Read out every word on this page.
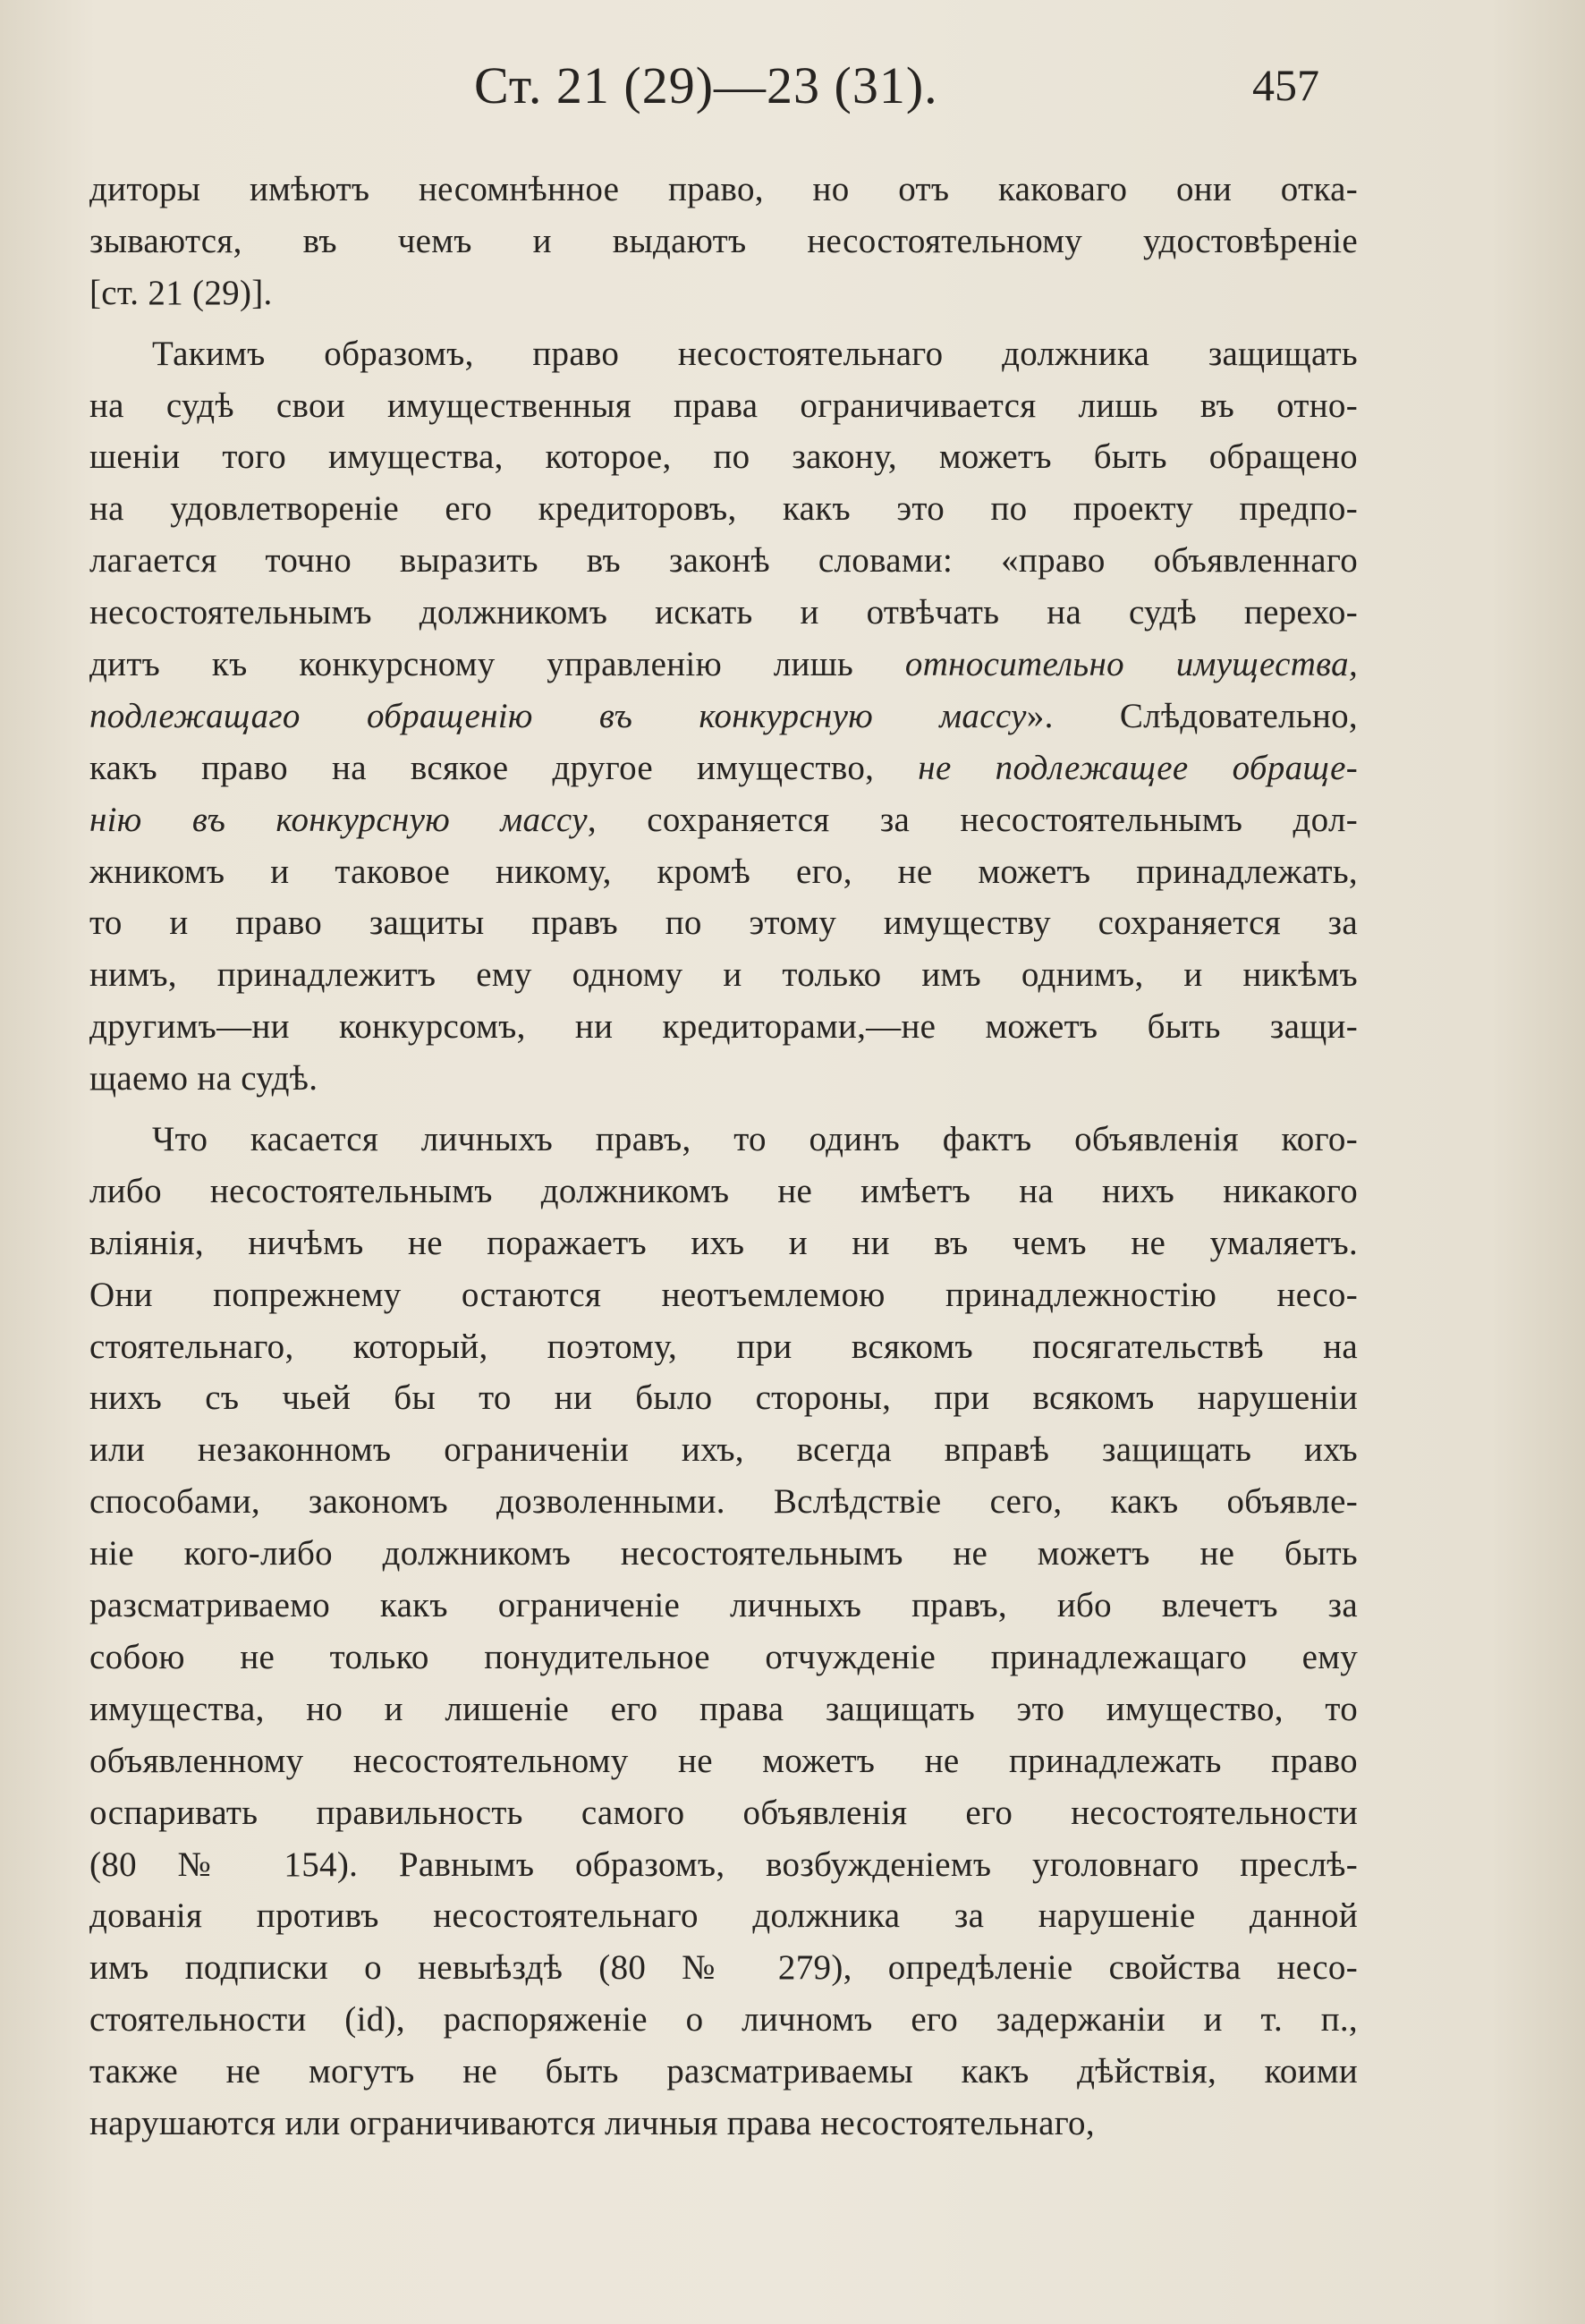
Ст. 21 (29)—23 (31).	457
диторы имѣютъ несомнѣнное право, но отъ каковаго они отка-
зываются, въ чемъ и выдаютъ несостоятельному удостовѣреніе
[ст. 21 (29)].
Такимъ образомъ, право несостоятельнаго должника защищать
на судѣ свои имущественныя права ограничивается лишь въ отно-
шеніи того имущества, которое, по закону, можетъ быть обращено
на удовлетвореніе его кредиторовъ, какъ это по проекту предпо-
лагается точно выразить въ законѣ словами: «право объявленнаго
несостоятельнымъ должникомъ искать и отвѣчать на судѣ перехо-
дитъ къ конкурсному управленію лишь относительно имущества,
подлежащаго обращенію въ конкурсную массу». Слѣдовательно,
какъ право на всякое другое имущество, не подлежащее обраще-
нію въ конкурсную массу, сохраняется за несостоятельнымъ дол-
жникомъ и таковое никому, кромѣ его, не можетъ принадлежать,
то и право защиты правъ по этому имуществу сохраняется за
нимъ, принадлежитъ ему одному и только имъ однимъ, и никѣмъ
другимъ—ни конкурсомъ, ни кредиторами,—не можетъ быть защи-
щаемо на судѣ.
Что касается личныхъ правъ, то одинъ фактъ объявленія кого-
либо несостоятельнымъ должникомъ не имѣетъ на нихъ никакого
вліянія, ничѣмъ не поражаетъ ихъ и ни въ чемъ не умаляетъ.
Они попрежнему остаются неотъемлемою принадлежностію несо-
стоятельнаго, который, поэтому, при всякомъ посягательствѣ на
нихъ съ чьей бы то ни было стороны, при всякомъ нарушеніи
или незаконномъ ограниченіи ихъ, всегда вправѣ защищать ихъ
способами, закономъ дозволенными. Вслѣдствіе сего, какъ объявле-
ніе кого-либо должникомъ несостоятельнымъ не можетъ не быть
разсматриваемо какъ ограниченіе личныхъ правъ, ибо влечетъ за
собою не только понудительное отчужденіе принадлежащаго ему
имущества, но и лишеніе его права защищать это имущество, то
объявленному несостоятельному не можетъ не принадлежать право
оспаривать правильность самого объявленія его несостоятельности
(80 № 154). Равнымъ образомъ, возбужденіемъ уголовнаго преслѣ-
дованія противъ несостоятельнаго должника за нарушеніе данной
имъ подписки о невыѣздѣ (80 № 279), опредѣленіе свойства несо-
стоятельности (id), распоряженіе о личномъ его задержаніи и т. п.,
также не могутъ не быть разсматриваемы какъ дѣйствія, коими
нарушаются или ограничиваются личныя права несостоятельнаго,
